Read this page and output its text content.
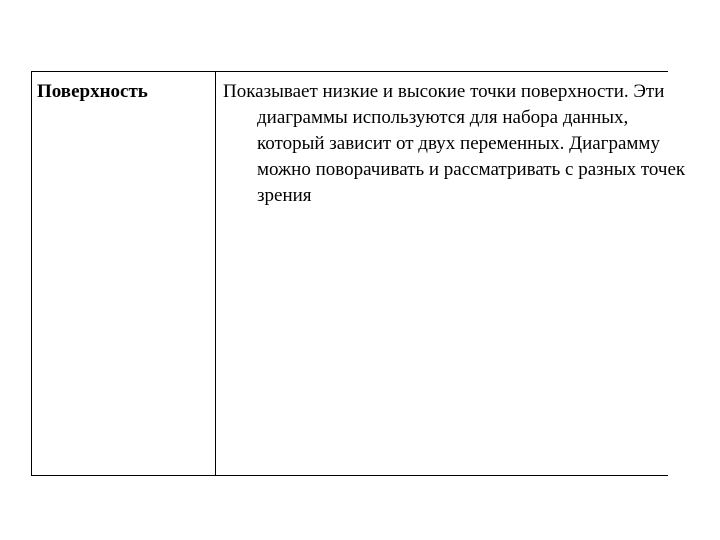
Поверхность	Показывает низкие и высокие точки поверхности. Эти диаграммы используются для набора данных, который зависит от двух переменных. Диаграмму можно поворачивать и рассматривать с разных точек зрения
